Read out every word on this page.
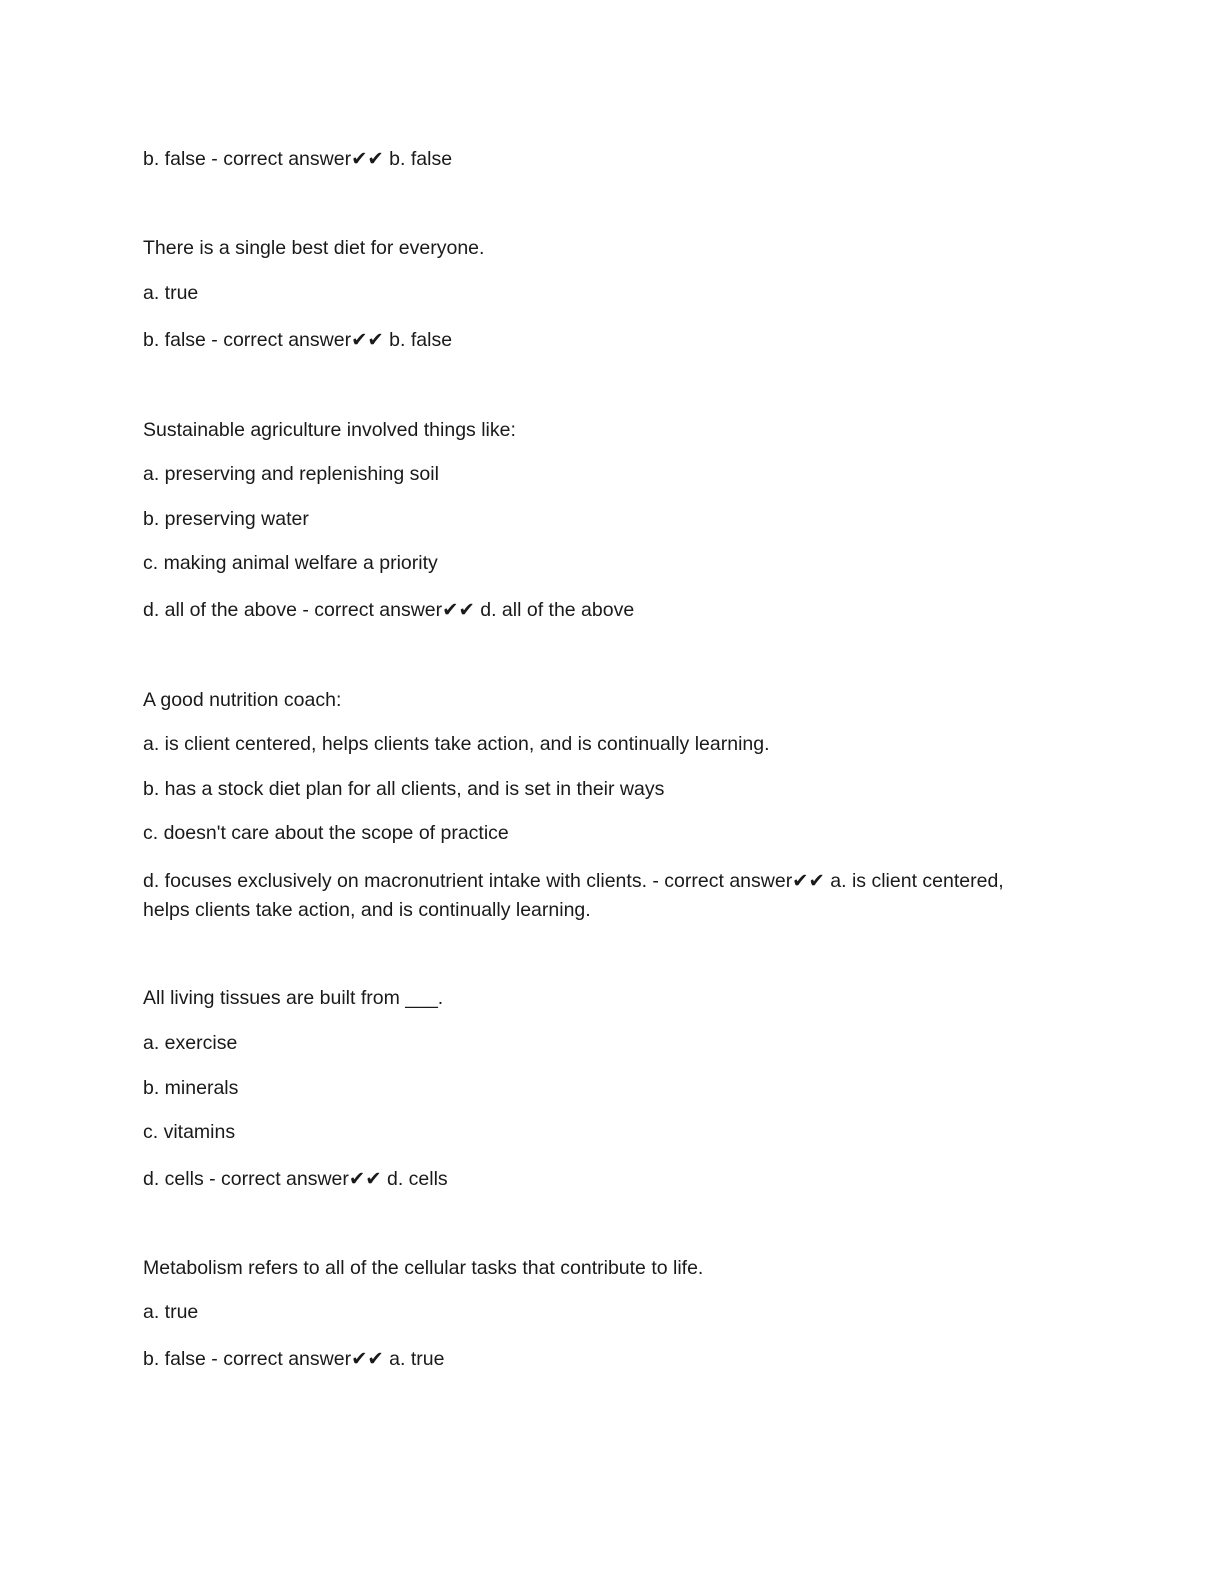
b. false - correct answer✔✔ b. false

There is a single best diet for everyone.

a. true

b. false - correct answer✔✔ b. false

Sustainable agriculture involved things like:

a. preserving and replenishing soil

b. preserving water

c. making animal welfare a priority

d. all of the above - correct answer✔✔ d. all of the above

A good nutrition coach:

a. is client centered, helps clients take action, and is continually learning.

b. has a stock diet plan for all clients, and is set in their ways

c. doesn't care about the scope of practice

d. focuses exclusively on macronutrient intake with clients. - correct answer✔✔ a. is client centered, helps clients take action, and is continually learning.

All living tissues are built from ___.

a. exercise

b. minerals

c. vitamins

d. cells - correct answer✔✔ d. cells

Metabolism refers to all of the cellular tasks that contribute to life.

a. true

b. false - correct answer✔✔ a. true
